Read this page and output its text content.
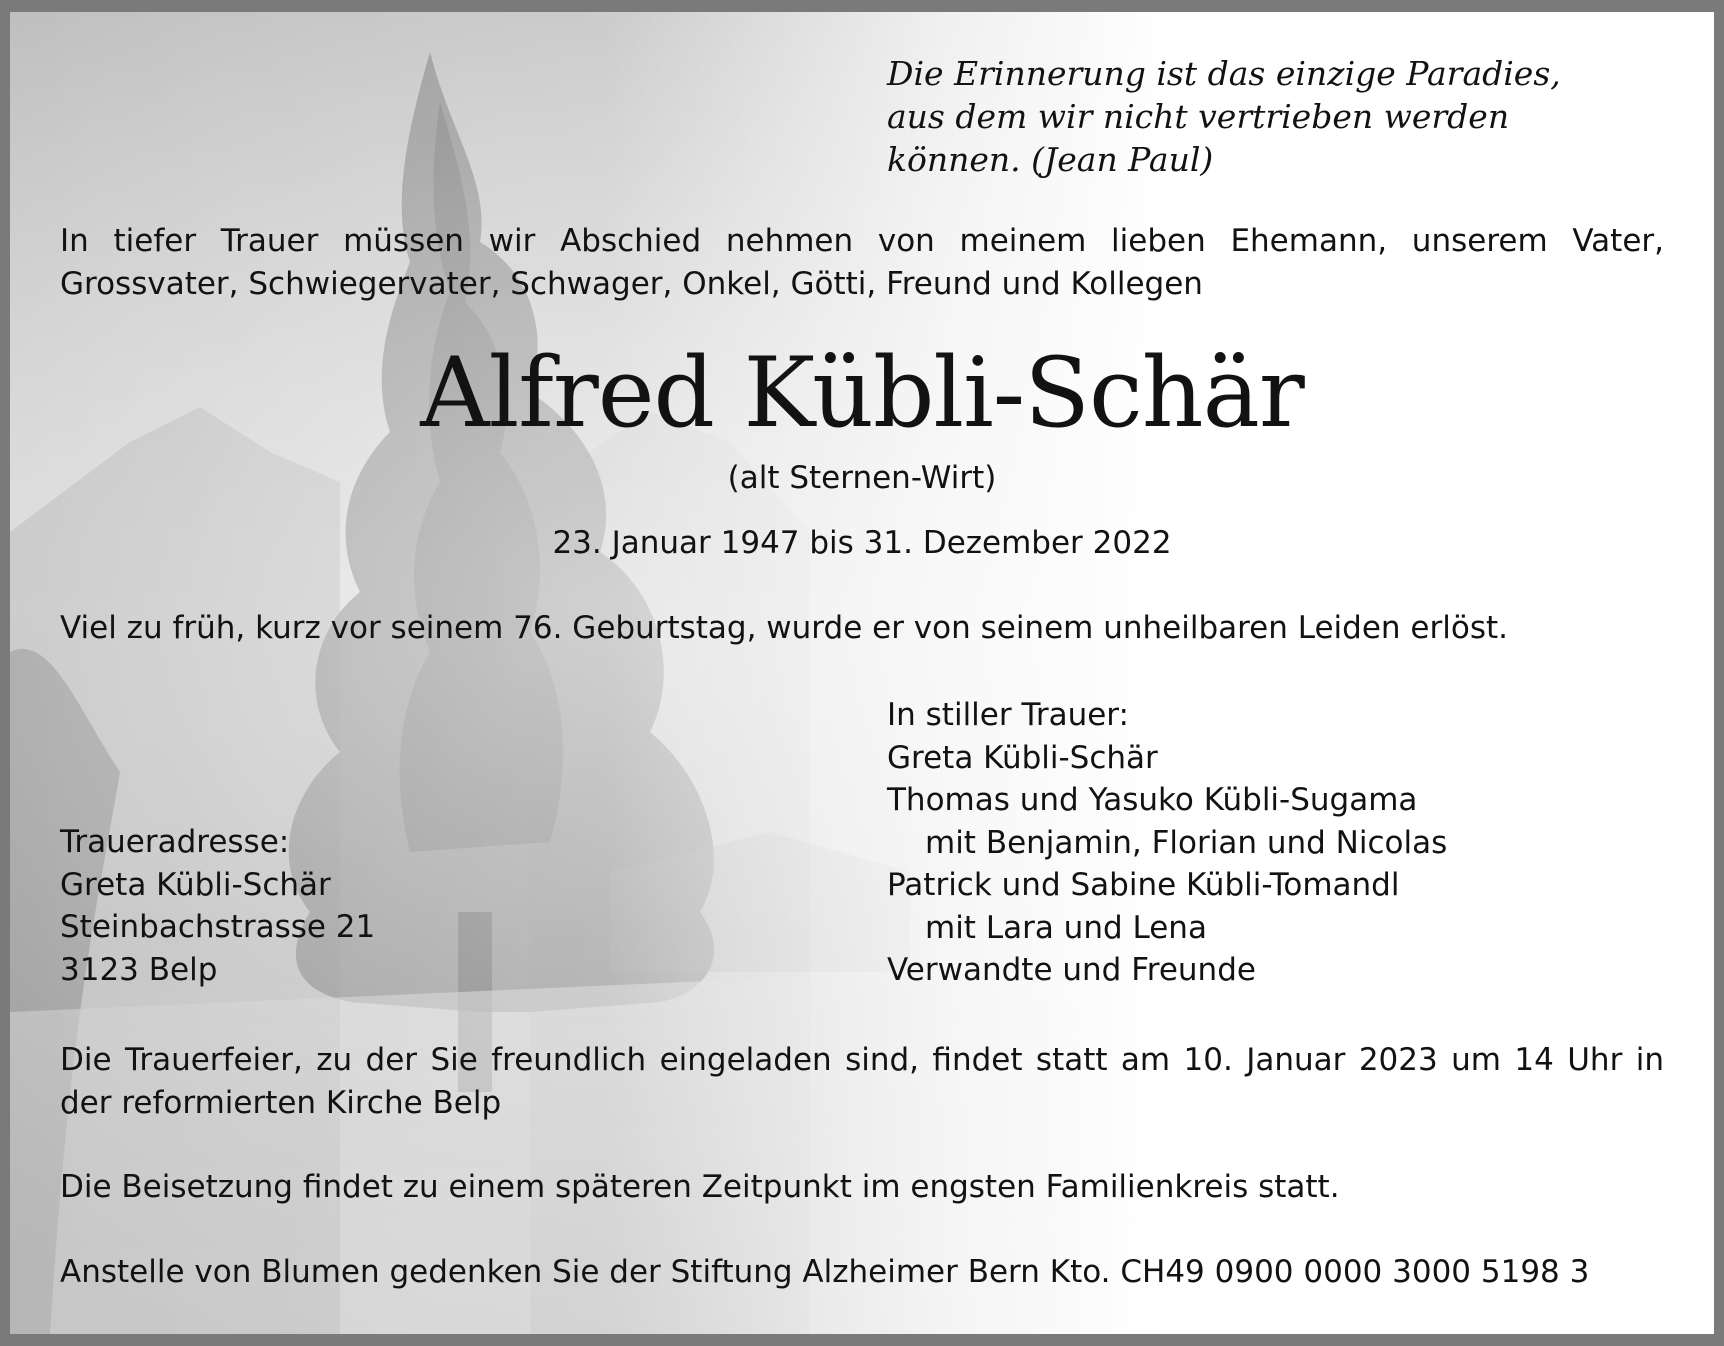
Die Erinnerung ist das einzige Paradies,
aus dem wir nicht vertrieben werden
können. (Jean Paul)
In tiefer Trauer müssen wir Abschied nehmen von meinem lieben Ehemann, unserem Vater, Grossvater, Schwiegervater, Schwager, Onkel, Götti, Freund und Kollegen
Alfred Kübli-Schär
(alt Sternen-Wirt)
23. Januar 1947 bis 31. Dezember 2022
Viel zu früh, kurz vor seinem 76. Geburtstag, wurde er von seinem unheilbaren Leiden erlöst.
In stiller Trauer:
Greta Kübli-Schär
Thomas und Yasuko Kübli-Sugama
mit Benjamin, Florian und Nicolas
Patrick und Sabine Kübli-Tomandl
mit Lara und Lena
Verwandte und Freunde
Traueradresse:
Greta Kübli-Schär
Steinbachstrasse 21
3123 Belp
Die Trauerfeier, zu der Sie freundlich eingeladen sind, findet statt am 10. Januar 2023 um 14 Uhr in der reformierten Kirche Belp
Die Beisetzung findet zu einem späteren Zeitpunkt im engsten Familienkreis statt.
Anstelle von Blumen gedenken Sie der Stiftung Alzheimer Bern Kto. CH49 0900 0000 3000 5198 3
